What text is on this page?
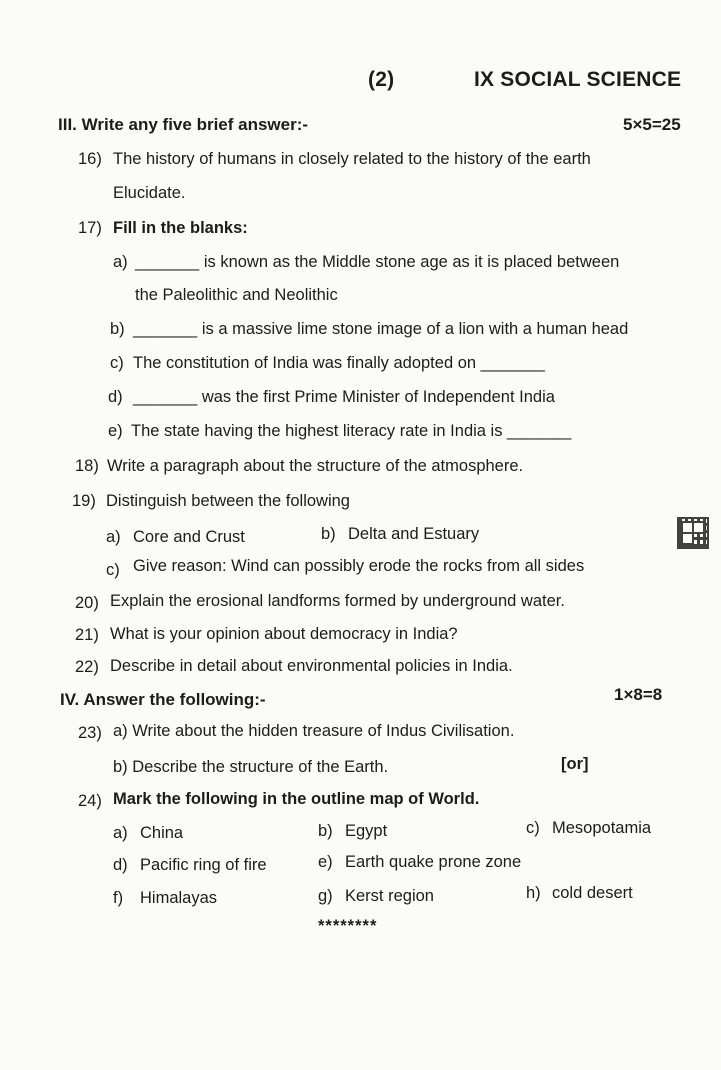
(2)	IX SOCIAL SCIENCE
III. Write any five brief answer:-	5×5=25
16) The history of humans in closely related to the history of the earth
Elucidate.
17) Fill in the blanks:
a) _______ is known as the Middle stone age as it is placed between
the Paleolithic and Neolithic
b) _______ is a massive lime stone image of a lion with a human head
c) The constitution of India was finally adopted on _______
d) _______ was the first Prime Minister of Independent India
e) The state having the highest literacy rate in India is _______
18) Write a paragraph about the structure of the atmosphere.
19) Distinguish between the following
a) Core and Crust	b) Delta and Estuary
c) Give reason: Wind can possibly erode the rocks from all sides
20) Explain the erosional landforms formed by underground water.
21) What is your opinion about democracy in India?
22) Describe in detail about environmental policies in India.
IV. Answer the following:-	1×8=8
23) a) Write about the hidden treasure of Indus Civilisation.
b) Describe the structure of the Earth.	[or]
24) Mark the following in the outline map of World.
a) China	b) Egypt	c) Mesopotamia
d) Pacific ring of fire	e) Earth quake prone zone
f) Himalayas	g) Kerst region	h) cold desert
********
